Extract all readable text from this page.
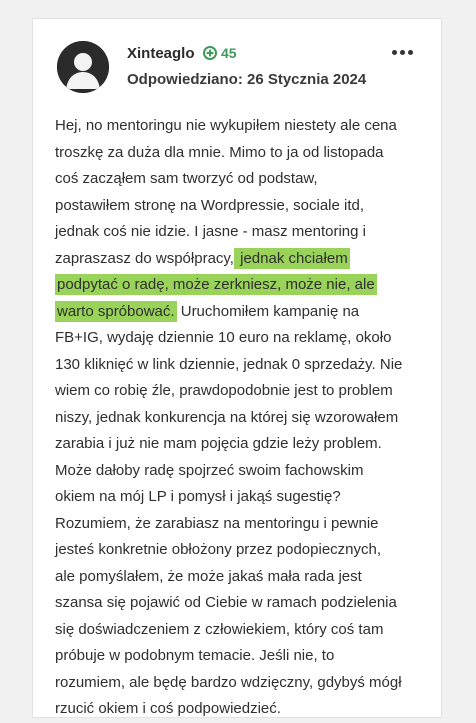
Xinteaglo 45
Odpowiedziano: 26 Stycznia 2024
Hej, no mentoringu nie wykupiłem niestety ale cena
troszkę za duża dla mnie. Mimo to ja od listopada
coś zacząłem sam tworzyć od podstaw,
postawiłem stronę na Wordpressie, sociale itd,
jednak coś nie idzie. I jasne - masz mentoring i
zapraszasz do współpracy, jednak chciałem
podpytać o radę, może zerkniesz, może nie, ale
warto spróbować. Uruchomiłem kampanię na
FB+IG, wydaję dziennie 10 euro na reklamę, około
130 kliknięć w link dziennie, jednak 0 sprzedaży. Nie
wiem co robię źle, prawdopodobnie jest to problem
niszy, jednak konkurencja na której się wzorowałem
zarabia i już nie mam pojęcia gdzie leży problem.
Może dałoby radę spojrzeć swoim fachowskim
okiem na mój LP i pomysł i jakąś sugestię?
Rozumiem, że zarabiasz na mentoringu i pewnie
jesteś konkretnie obłożony przez podopiecznych,
ale pomyślałem, że może jakaś mała rada jest
szansa się pojawić od Ciebie w ramach podzielenia
się doświadczeniem z człowiekiem, który coś tam
próbuje w podobnym temacie. Jeśli nie, to
rozumiem, ale będę bardzo wdzięczny, gdybyś mógł
rzucić okiem i coś podpowiedzieć.
